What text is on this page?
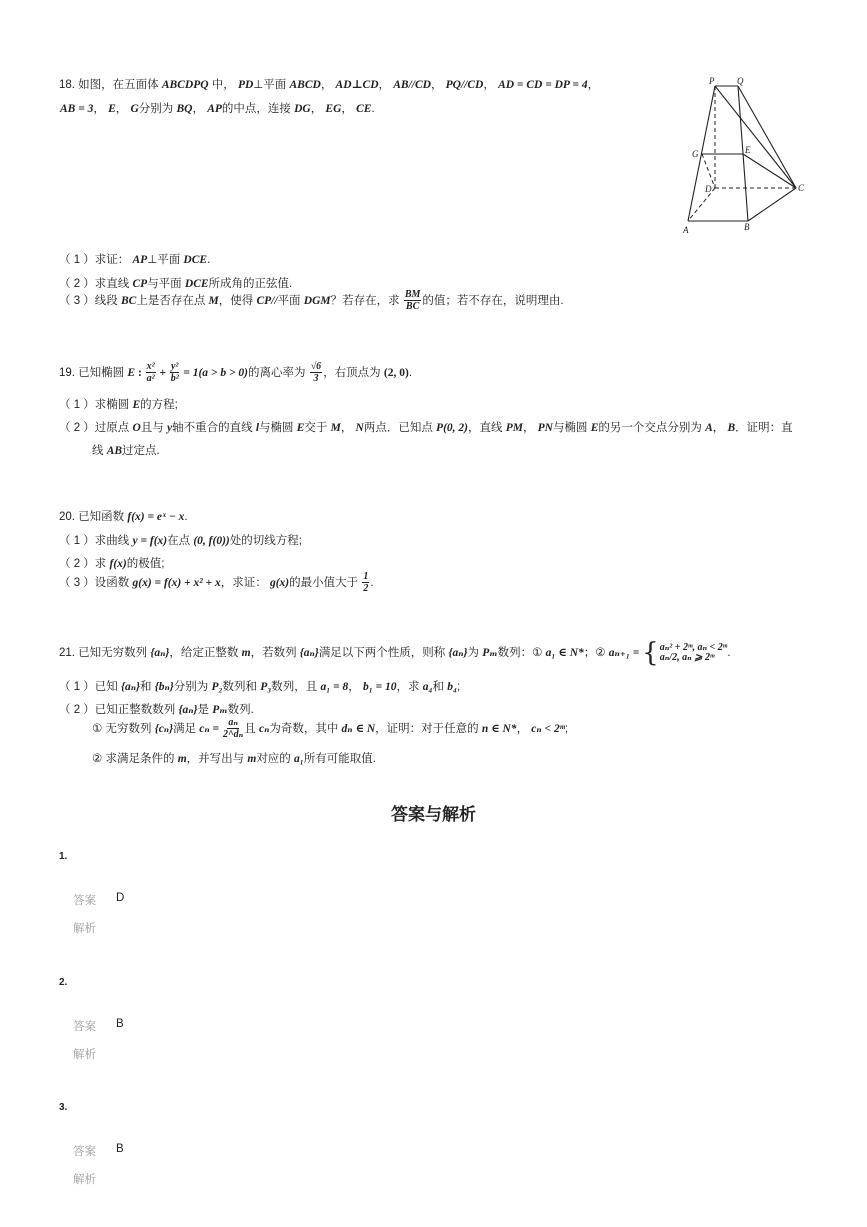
18. 如图，在五面体 ABCDPQ 中， PD⊥平面 ABCD， AD⊥CD， AB//CD， PQ//CD， AD = CD = DP = 4，
AB = 3， E， G分别为 BQ， AP的中点，连接 DG， EG， CE.
P	Q
G	E
D	C
A	B
（ 1 ）求证： AP⊥平面 DCE.
（ 2 ）求直线 CP与平面 DCE所成角的正弦值.
（ 3 ）线段 BC上是否存在点 M，使得 CP//平面 DGM？若存在，求 $\frac{BM}{BC}$ 的值；若不存在，说明理由.
19. 已知椭圆 E : $\frac{\text{x²}}{\text{a²}} + \frac{\text{y²}}{\text{b²}} = 1(a > b > 0)$的离心率为 $\frac{√6}{3}$ ，右顶点为 (2, 0).
（ 1 ）求椭圆 E的方程;
（ 2 ）过原点 O且与 y轴不重合的直线 l与椭圆 E交于 M， N两点．已知点 P(0, 2)，直线 PM， PN与椭圆 E的另一个交点分别为 A， B．证明：直
线 AB过定点.
20. 已知函数 f(x) = eˣ − x.
（ 1 ）求曲线 y = f(x)在点 (0, f(0))处的切线方程;
（ 2 ）求 f(x)的极值;
（ 3 ）设函数 g(x) = f(x) + x² + x，求证： g(x)的最小值大于 $\frac{1}{2}$ .
21. 已知无穷数列 {aₙ}，给定正整数 m，若数列 {aₙ}满足以下两个性质，则称 {aₙ}为 Pₘ数列：① a₁ ∈ N*；② aₙ₊₁ = { aₙ² + 2ᵐ, aₙ < 2ᵐ
aₙ/2, aₙ ⩾ 2ᵐ	.
（ 1 ）已知 {aₙ}和 {bₙ}分别为 P₂数列和 P₃数列，且 a₁ = 8， b₁ = 10，求 a₄和 b₄;
（ 2 ）已知正整数数列 {aₙ}是 Pₘ数列.
① 无穷数列 {cₙ}满足 $c_n = \frac{\text{aₙ}}{\text{2\textasciicircum{}dₙ}}$ 且 cₙ为奇数，其中 dₙ ∈ N，证明：对于任意的 n ∈ N*， cₙ < 2ᵐ;
② 求满足条件的 m，并写出与 m对应的 a₁所有可能取值.
答案与解析
1.
答案 D
解析
2.
答案 B
解析
3.
答案 B
解析
